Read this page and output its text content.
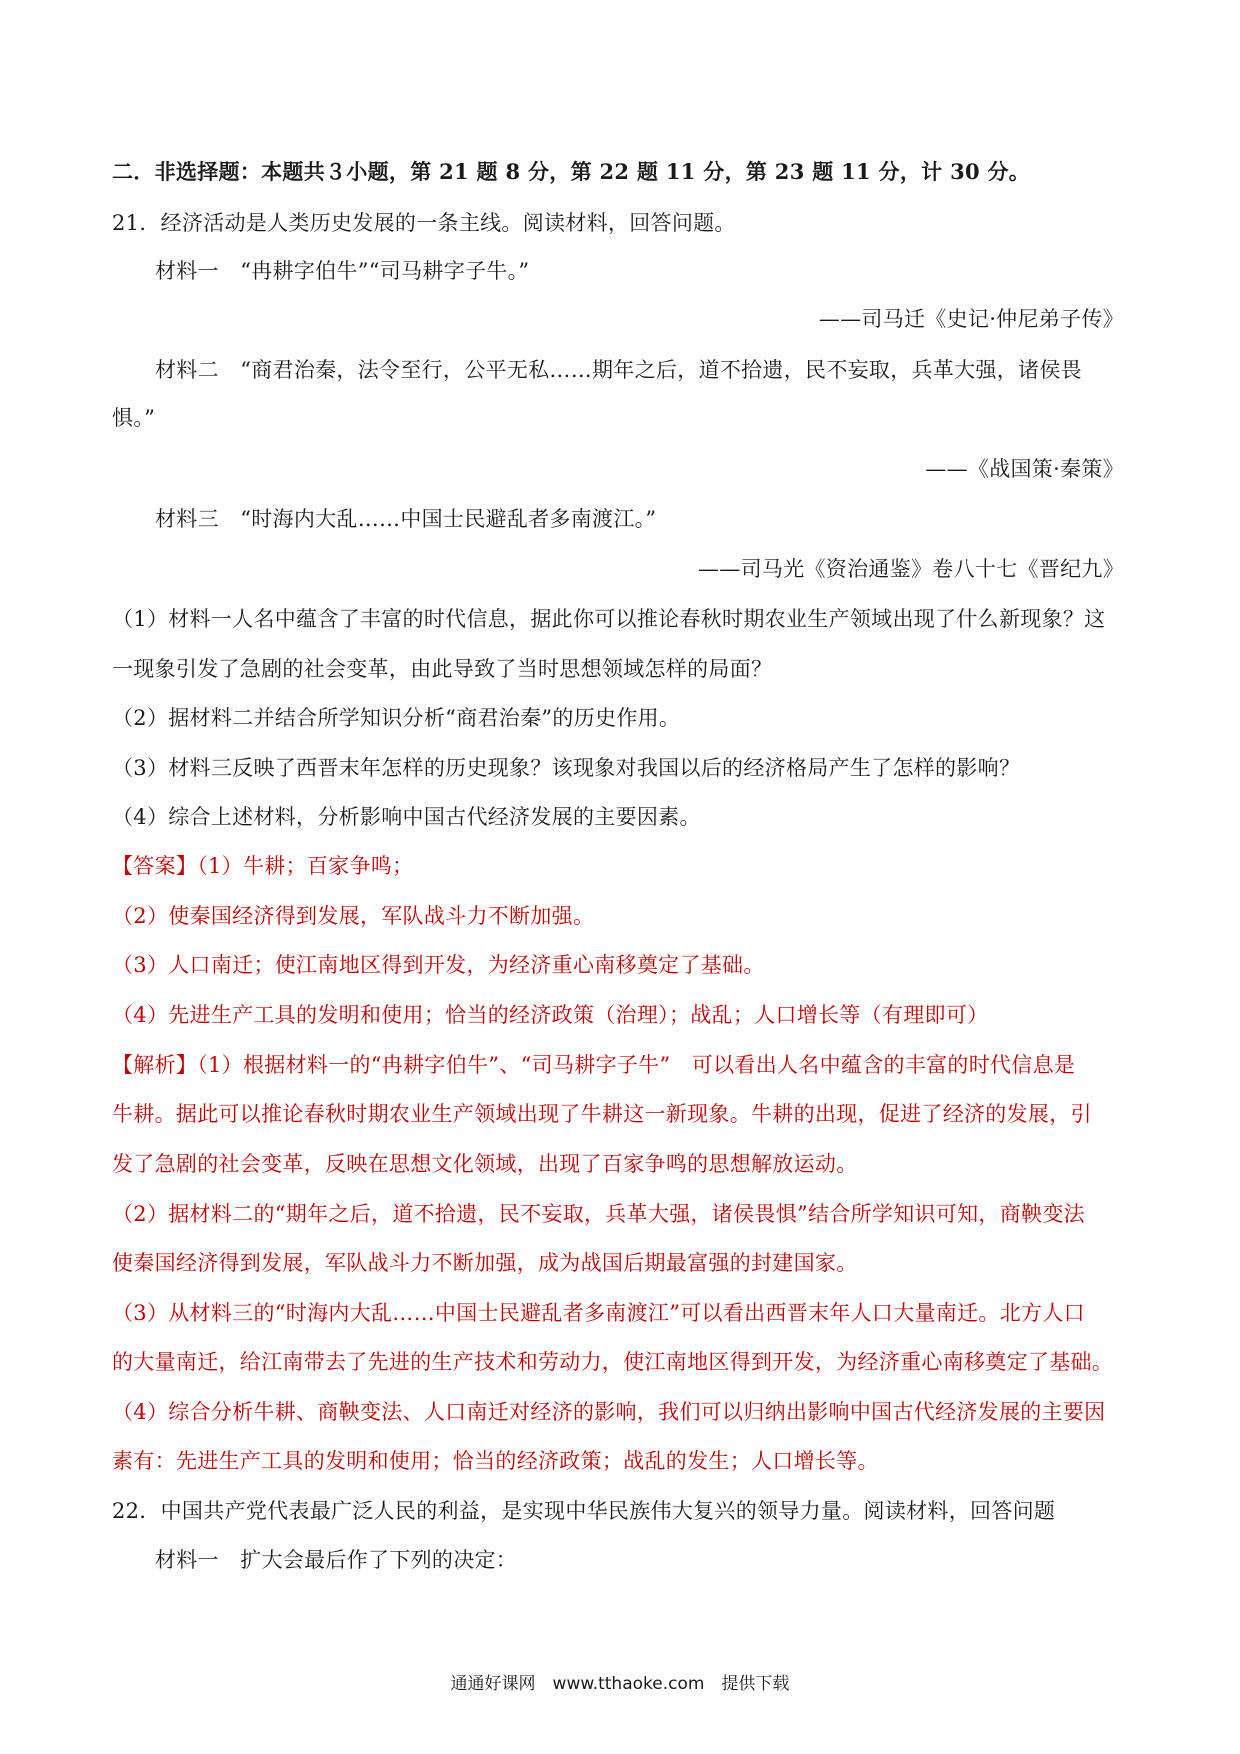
二．非选择题：本题共３小题，第 21 题 8 分，第 22 题 11 分，第 23 题 11 分，计 30 分。
21．经济活动是人类历史发展的一条主线。阅读材料，回答问题。
材料一　“冉耕字伯牛”“司马耕字子牛。”
——司马迁《史记·仲尼弟子传》
材料二　“商君治秦，法令至行，公平无私……期年之后，道不拾遗，民不妄取，兵革大强，诸侯畏
惧。”
——《战国策·秦策》
材料三　“时海内大乱……中国士民避乱者多南渡江。”
——司马光《资治通鉴》卷八十七《晋纪九》
（1）材料一人名中蕴含了丰富的时代信息，据此你可以推论春秋时期农业生产领域出现了什么新现象？这
一现象引发了急剧的社会变革，由此导致了当时思想领域怎样的局面？
（2）据材料二并结合所学知识分析“商君治秦”的历史作用。
（3）材料三反映了西晋末年怎样的历史现象？该现象对我国以后的经济格局产生了怎样的影响？
（4）综合上述材料，分析影响中国古代经济发展的主要因素。
【答案】（1）牛耕；百家争鸣；
（2）使秦国经济得到发展，军队战斗力不断加强。
（3）人口南迁；使江南地区得到开发，为经济重心南移奠定了基础。
（4）先进生产工具的发明和使用；恰当的经济政策（治理）；战乱；人口增长等（有理即可）
【解析】（1）根据材料一的“冉耕字伯牛”、“司马耕字子牛”　可以看出人名中蕴含的丰富的时代信息是
牛耕。据此可以推论春秋时期农业生产领域出现了牛耕这一新现象。牛耕的出现，促进了经济的发展，引
发了急剧的社会变革，反映在思想文化领域，出现了百家争鸣的思想解放运动。
（2）据材料二的“期年之后，道不拾遗，民不妄取，兵革大强，诸侯畏惧”结合所学知识可知，商鞅变法
使秦国经济得到发展，军队战斗力不断加强，成为战国后期最富强的封建国家。
（3）从材料三的“时海内大乱……中国士民避乱者多南渡江”可以看出西晋末年人口大量南迁。北方人口
的大量南迁，给江南带去了先进的生产技术和劳动力，使江南地区得到开发，为经济重心南移奠定了基础。
（4）综合分析牛耕、商鞅变法、人口南迁对经济的影响，我们可以归纳出影响中国古代经济发展的主要因
素有：先进生产工具的发明和使用；恰当的经济政策；战乱的发生；人口增长等。
22．中国共产党代表最广泛人民的利益，是实现中华民族伟大复兴的领导力量。阅读材料，回答问题
材料一　扩大会最后作了下列的决定：
通通好课网　www.tthaoke.com　提供下载
